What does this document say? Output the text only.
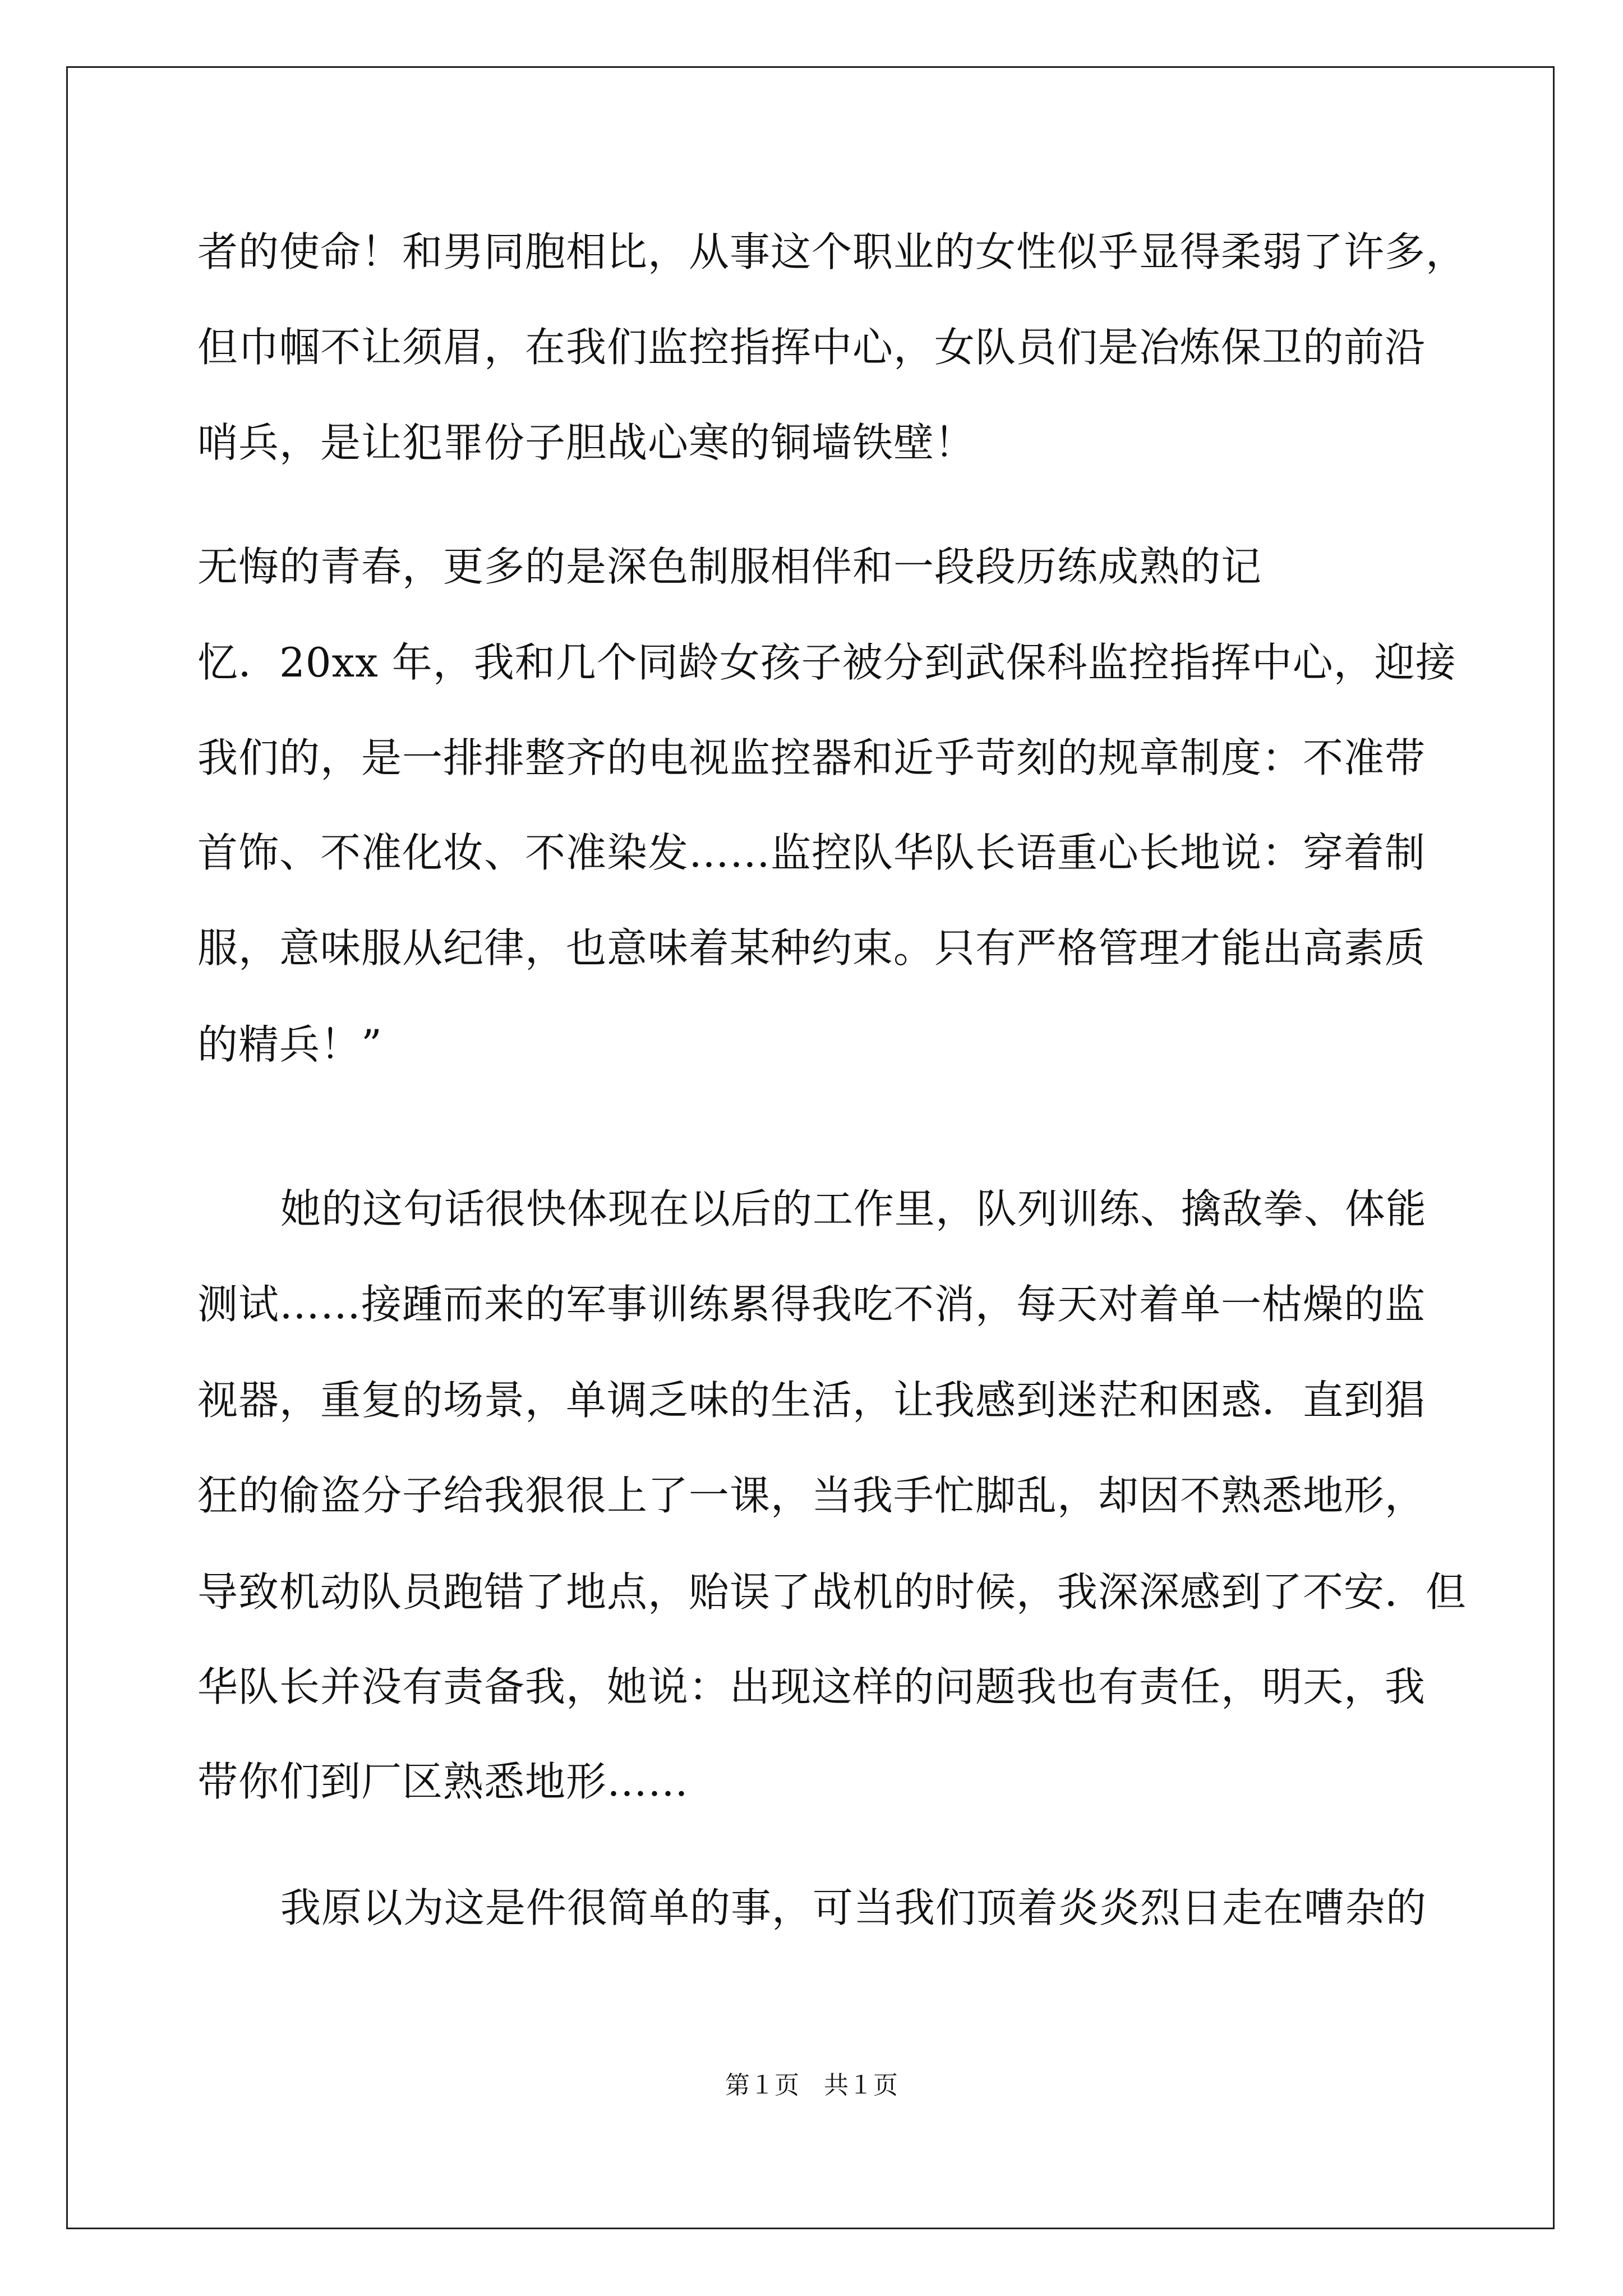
者的使命！和男同胞相比，从事这个职业的女性似乎显得柔弱了许多，
但巾帼不让须眉，在我们监控指挥中心，女队员们是冶炼保卫的前沿
哨兵，是让犯罪份子胆战心寒的铜墙铁壁！
无悔的青春，更多的是深色制服相伴和一段段历练成熟的记
忆．20xx 年，我和几个同龄女孩子被分到武保科监控指挥中心，迎接
我们的，是一排排整齐的电视监控器和近乎苛刻的规章制度：不准带
首饰、不准化妆、不准染发……监控队华队长语重心长地说：穿着制
服，意味服从纪律，也意味着某种约束。只有严格管理才能出高素质
的精兵！”
她的这句话很快体现在以后的工作里，队列训练、擒敌拳、体能
测试……接踵而来的军事训练累得我吃不消，每天对着单一枯燥的监
视器，重复的场景，单调乏味的生活，让我感到迷茫和困惑．直到猖
狂的偷盗分子给我狠很上了一课，当我手忙脚乱，却因不熟悉地形，
导致机动队员跑错了地点，贻误了战机的时候，我深深感到了不安．但
华队长并没有责备我，她说：出现这样的问题我也有责任，明天，我
带你们到厂区熟悉地形……
我原以为这是件很简单的事，可当我们顶着炎炎烈日走在嘈杂的
第１页　共１页
